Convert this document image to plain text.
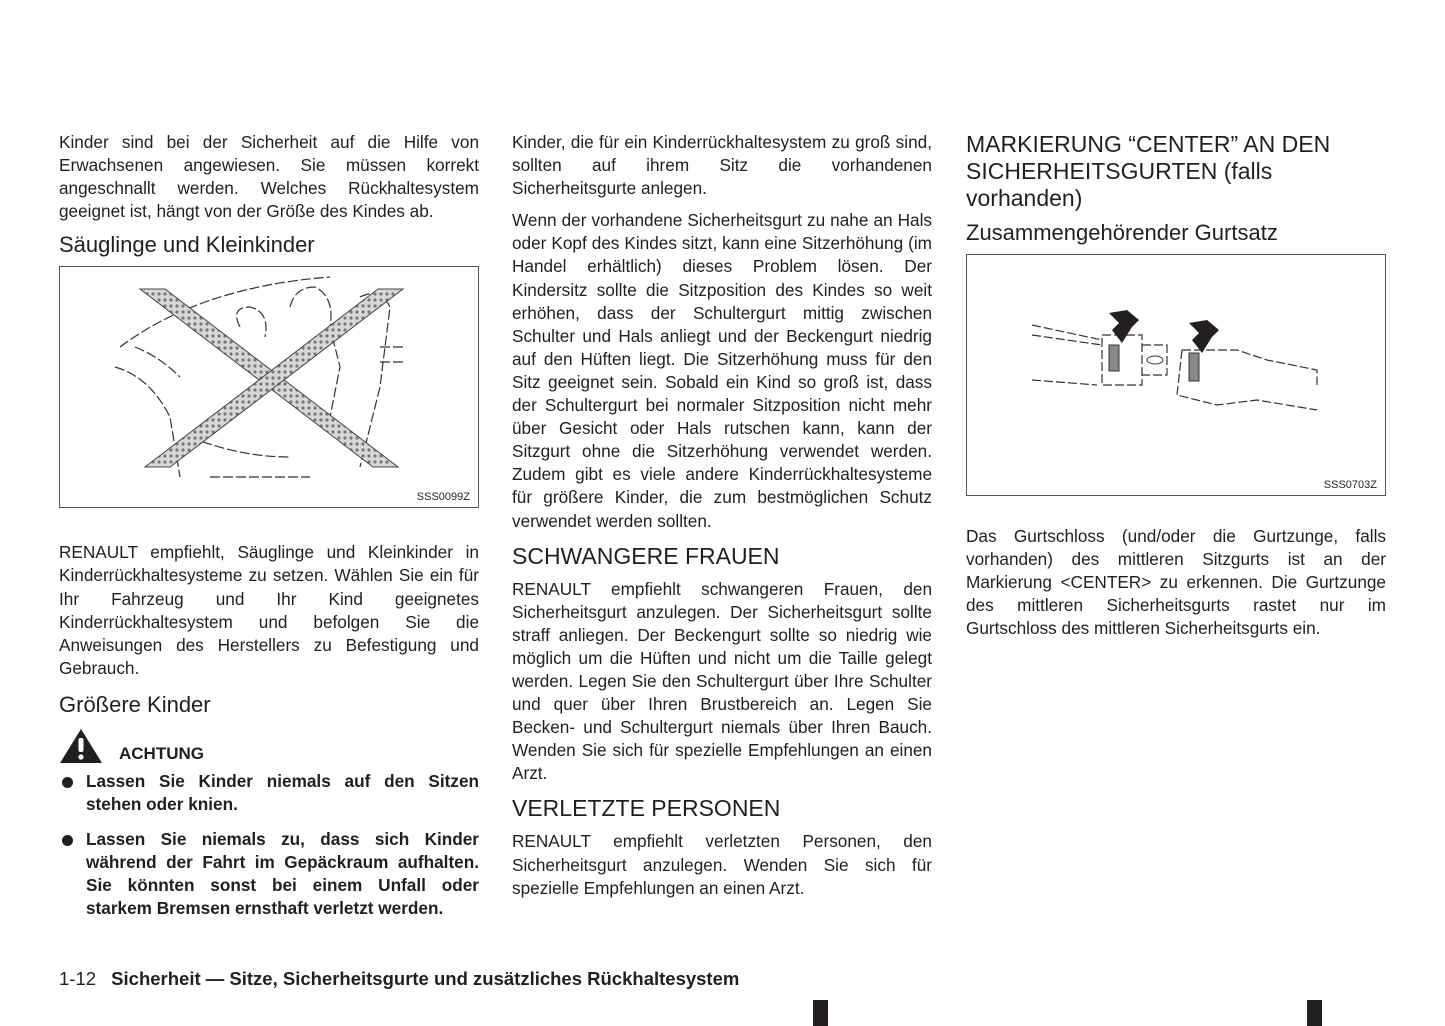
Kinder sind bei der Sicherheit auf die Hilfe von Erwachsenen angewiesen. Sie müssen korrekt angeschnallt werden. Welches Rückhaltesystem geeignet ist, hängt von der Größe des Kindes ab.

Säuglinge und Kleinkinder
SSS0099Z

RENAULT empfiehlt, Säuglinge und Kleinkinder in Kinderrückhaltesysteme zu setzen. Wählen Sie ein für Ihr Fahrzeug und Ihr Kind geeignetes Kinderrückhaltesystem und befolgen Sie die Anweisungen des Herstellers zu Befestigung und Gebrauch.

Größere Kinder
ACHTUNG
Lassen Sie Kinder niemals auf den Sitzen stehen oder knien.
Lassen Sie niemals zu, dass sich Kinder während der Fahrt im Gepäckraum aufhalten. Sie könnten sonst bei einem Unfall oder starkem Bremsen ernsthaft verletzt werden.

Kinder, die für ein Kinderrückhaltesystem zu groß sind, sollten auf ihrem Sitz die vorhandenen Sicherheitsgurte anlegen.

Wenn der vorhandene Sicherheitsgurt zu nahe an Hals oder Kopf des Kindes sitzt, kann eine Sitzerhöhung (im Handel erhältlich) dieses Problem lösen. Der Kindersitz sollte die Sitzposition des Kindes so weit erhöhen, dass der Schultergurt mittig zwischen Schulter und Hals anliegt und der Beckengurt niedrig auf den Hüften liegt. Die Sitzerhöhung muss für den Sitz geeignet sein. Sobald ein Kind so groß ist, dass der Schultergurt bei normaler Sitzposition nicht mehr über Gesicht oder Hals rutschen kann, kann der Sitzgurt ohne die Sitzerhöhung verwendet werden. Zudem gibt es viele andere Kinderrückhaltesysteme für größere Kinder, die zum bestmöglichen Schutz verwendet werden sollten.

SCHWANGERE FRAUEN

RENAULT empfiehlt schwangeren Frauen, den Sicherheitsgurt anzulegen. Der Sicherheitsgurt sollte straff anliegen. Der Beckengurt sollte so niedrig wie möglich um die Hüften und nicht um die Taille gelegt werden. Legen Sie den Schultergurt über Ihre Schulter und quer über Ihren Brustbereich an. Legen Sie Becken- und Schultergurt niemals über Ihren Bauch. Wenden Sie sich für spezielle Empfehlungen an einen Arzt.

VERLETZTE PERSONEN

RENAULT empfiehlt verletzten Personen, den Sicherheitsgurt anzulegen. Wenden Sie sich für spezielle Empfehlungen an einen Arzt.

MARKIERUNG “CENTER” AN DEN SICHERHEITSGURTEN (falls vorhanden)
Zusammengehörender Gurtsatz
SSS0703Z

Das Gurtschloss (und/oder die Gurtzunge, falls vorhanden) des mittleren Sitzgurts ist an der Markierung <CENTER> zu erkennen. Die Gurtzunge des mittleren Sicherheitsgurts rastet nur im Gurtschloss des mittleren Sicherheitsgurts ein.

1-12 Sicherheit — Sitze, Sicherheitsgurte und zusätzliches Rückhaltesystem
